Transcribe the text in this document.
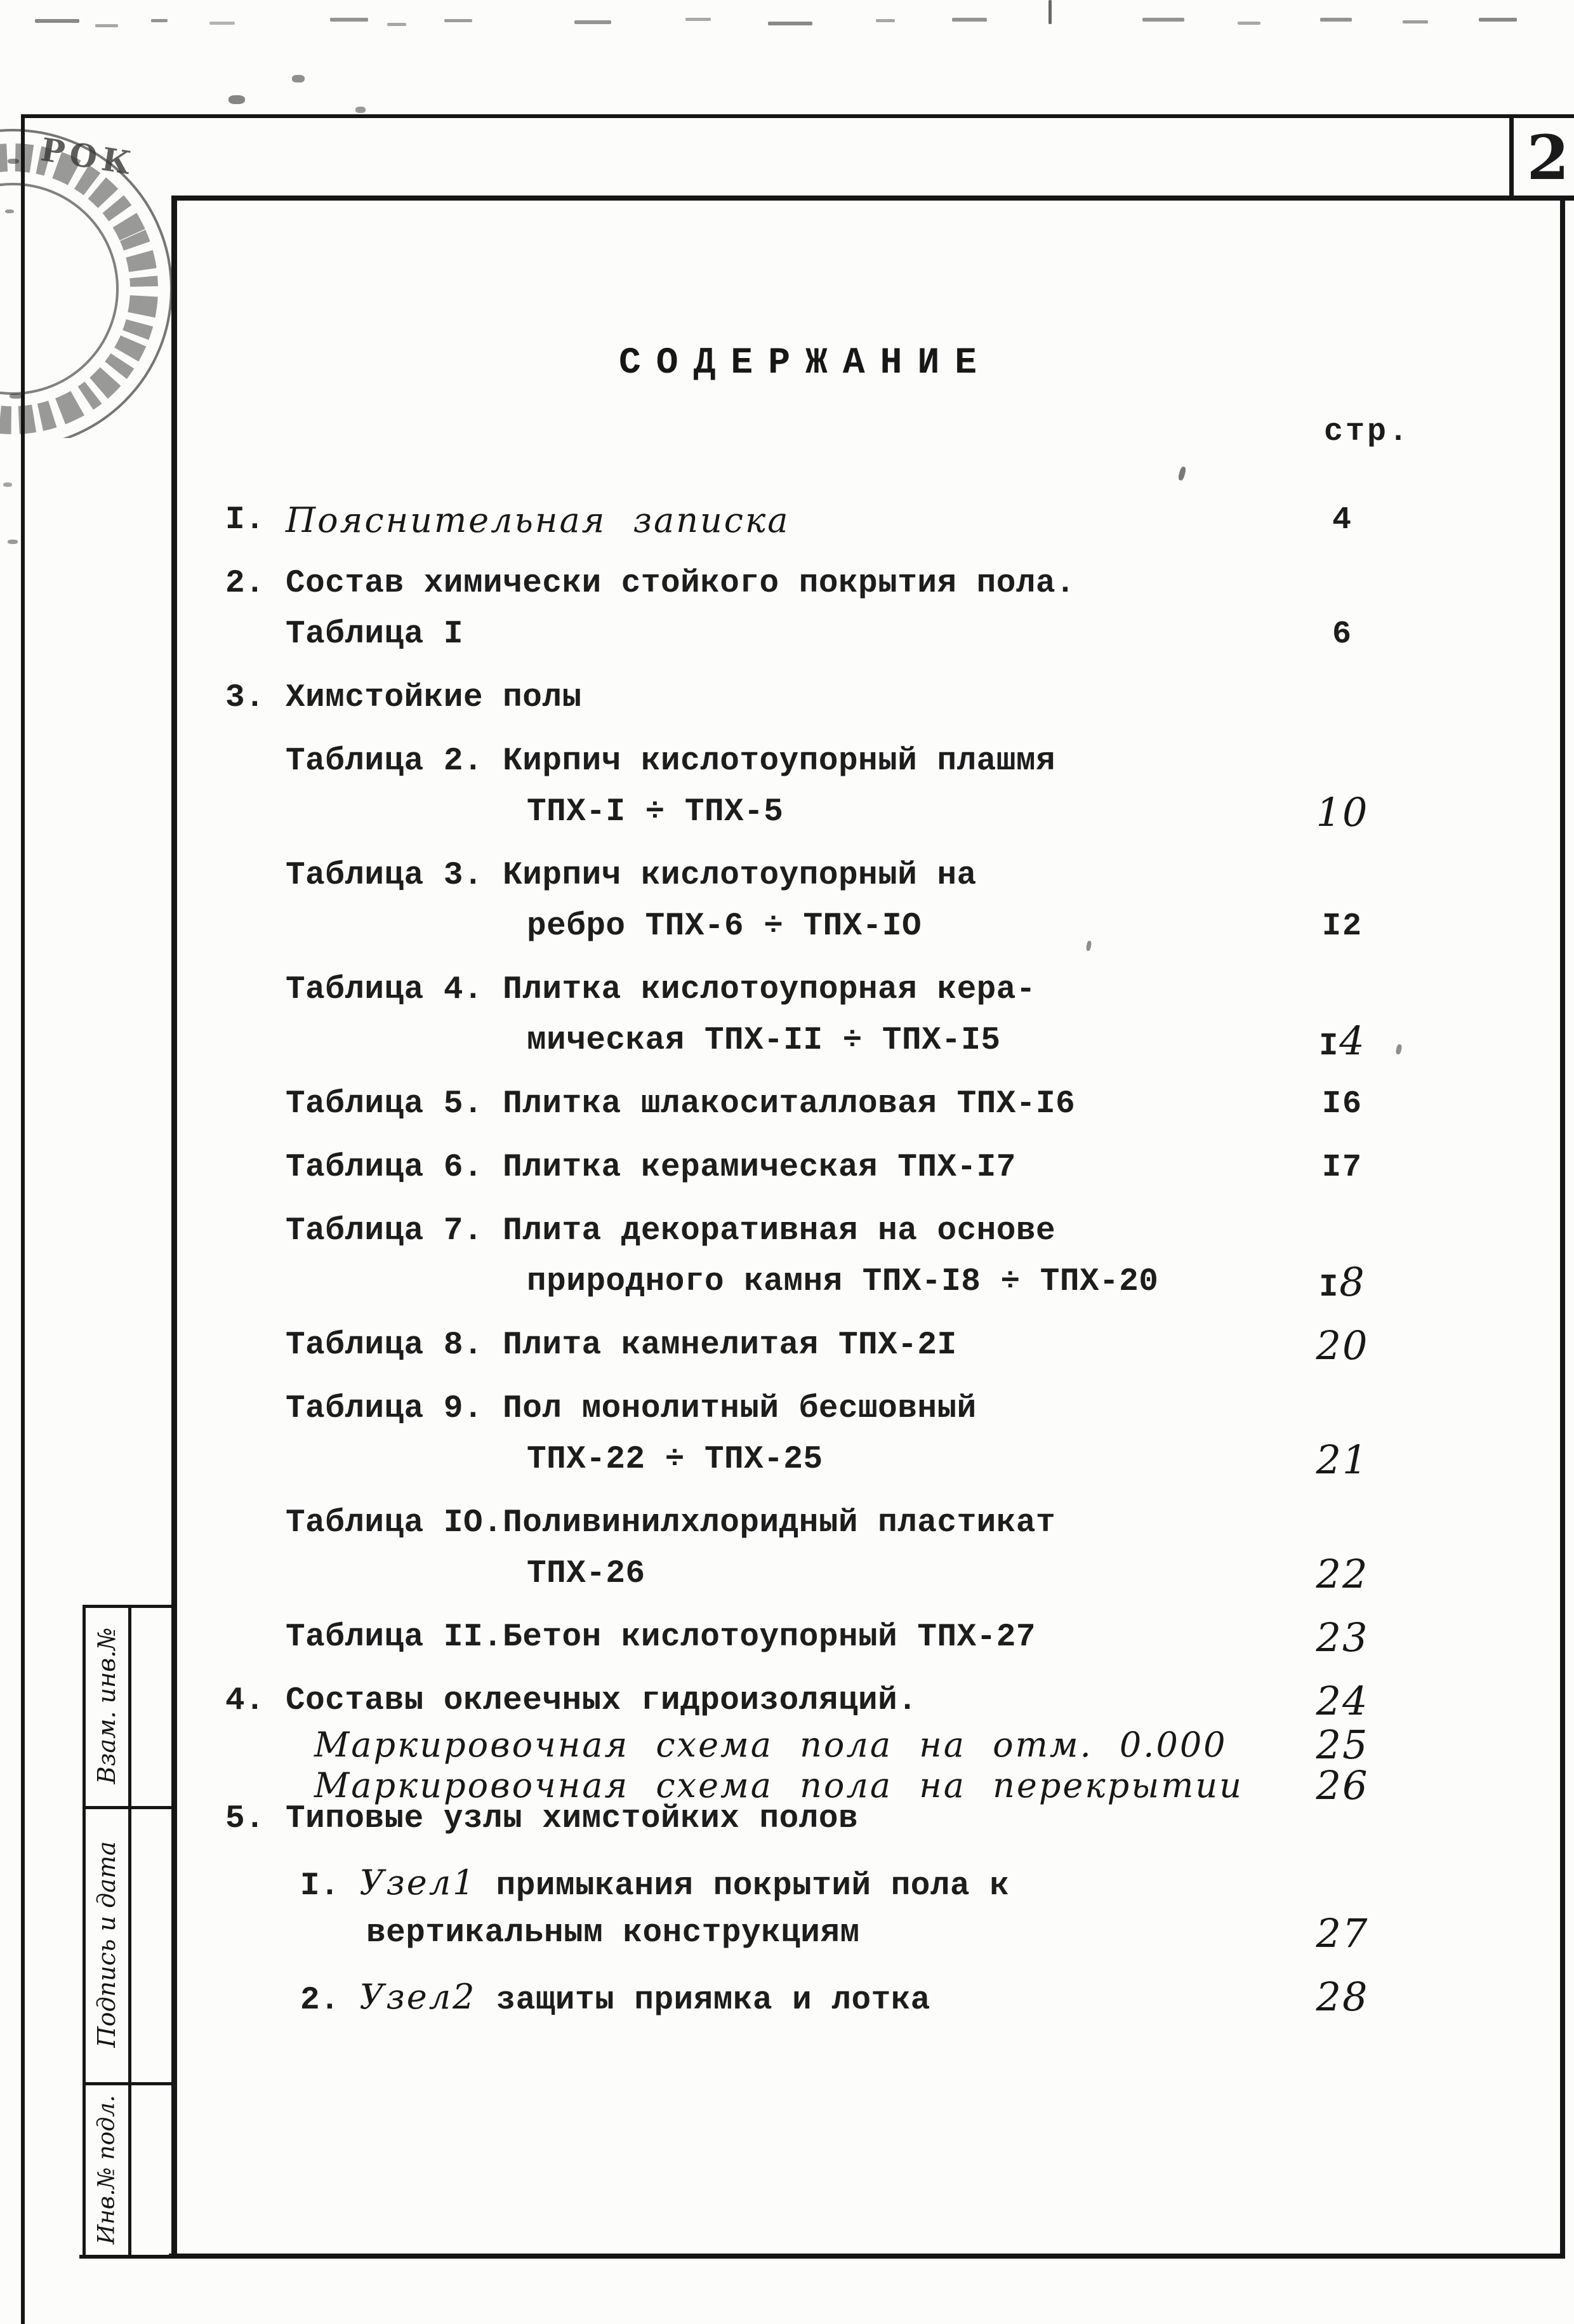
2
РОК
СОДЕРЖАНИЕ
стр.
I. Пояснительная записка	4
2. Состав химически стойкого покрытия пола.
Таблица I	6
3. Химстойкие полы
Таблица 2. Кирпич кислотоупорный плашмя
ТПХ-I ÷ ТПХ-5	10
Таблица 3. Кирпич кислотоупорный на
ребро ТПХ-6 ÷ ТПХ-IО	I2
Таблица 4. Плитка кислотоупорная кера-
мическая ТПХ-II ÷ ТПХ-I5	I4
Таблица 5. Плитка шлакоситалловая ТПХ-I6	I6
Таблица 6. Плитка керамическая ТПХ-I7	I7
Таблица 7. Плита декоративная на основе
природного камня ТПХ-I8 ÷ ТПХ-20	I8
Таблица 8. Плита камнелитая ТПХ-2I	20
Таблица 9. Пол монолитный бесшовный
ТПХ-22 ÷ ТПХ-25	21
Таблица IО.Поливинилхлоридный пластикат
ТПХ-26	22
Таблица II.Бетон кислотоупорный ТПХ-27	23
4. Составы оклеечных гидроизоляций.	24
Маркировочная схема пола на отм. 0.000	25
Маркировочная схема пола на перекрытии	26
5. Типовые узлы химстойких полов
I. Узел1 примыкания покрытий пола к
вертикальным конструкциям	27
2. Узел2 защиты приямка и лотка	28
Взам. инв.№
Подпись и дата
Инв.№ подл.
